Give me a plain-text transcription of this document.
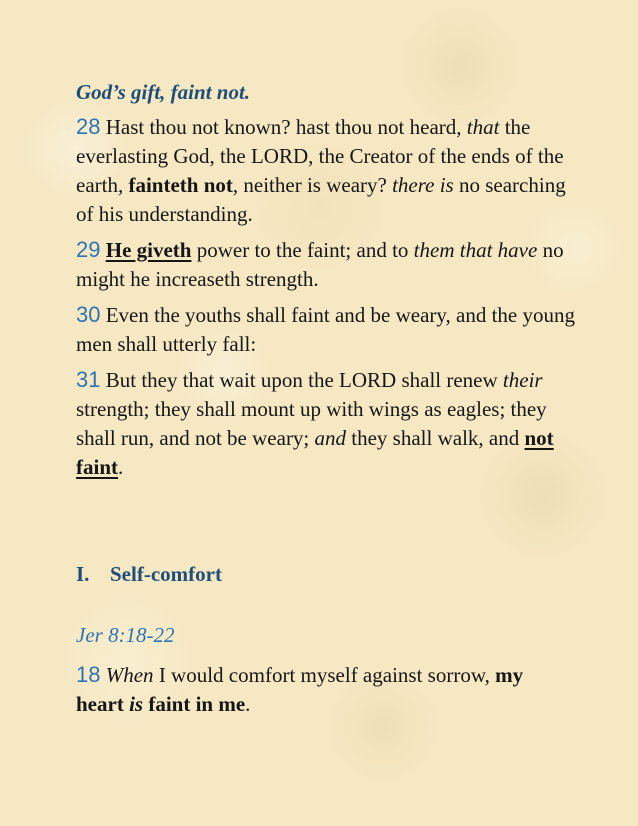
God’s gift, faint not.

28 Hast thou not known? hast thou not heard, that the everlasting God, the LORD, the Creator of the ends of the earth, fainteth not, neither is weary? there is no searching of his understanding.

29 He giveth power to the faint; and to them that have no might he increaseth strength.

30 Even the youths shall faint and be weary, and the young men shall utterly fall:

31 But they that wait upon the LORD shall renew their strength; they shall mount up with wings as eagles; they shall run, and not be weary; and they shall walk, and not faint.

I. Self-comfort

Jer 8:18-22

18 When I would comfort myself against sorrow, my heart is faint in me.
